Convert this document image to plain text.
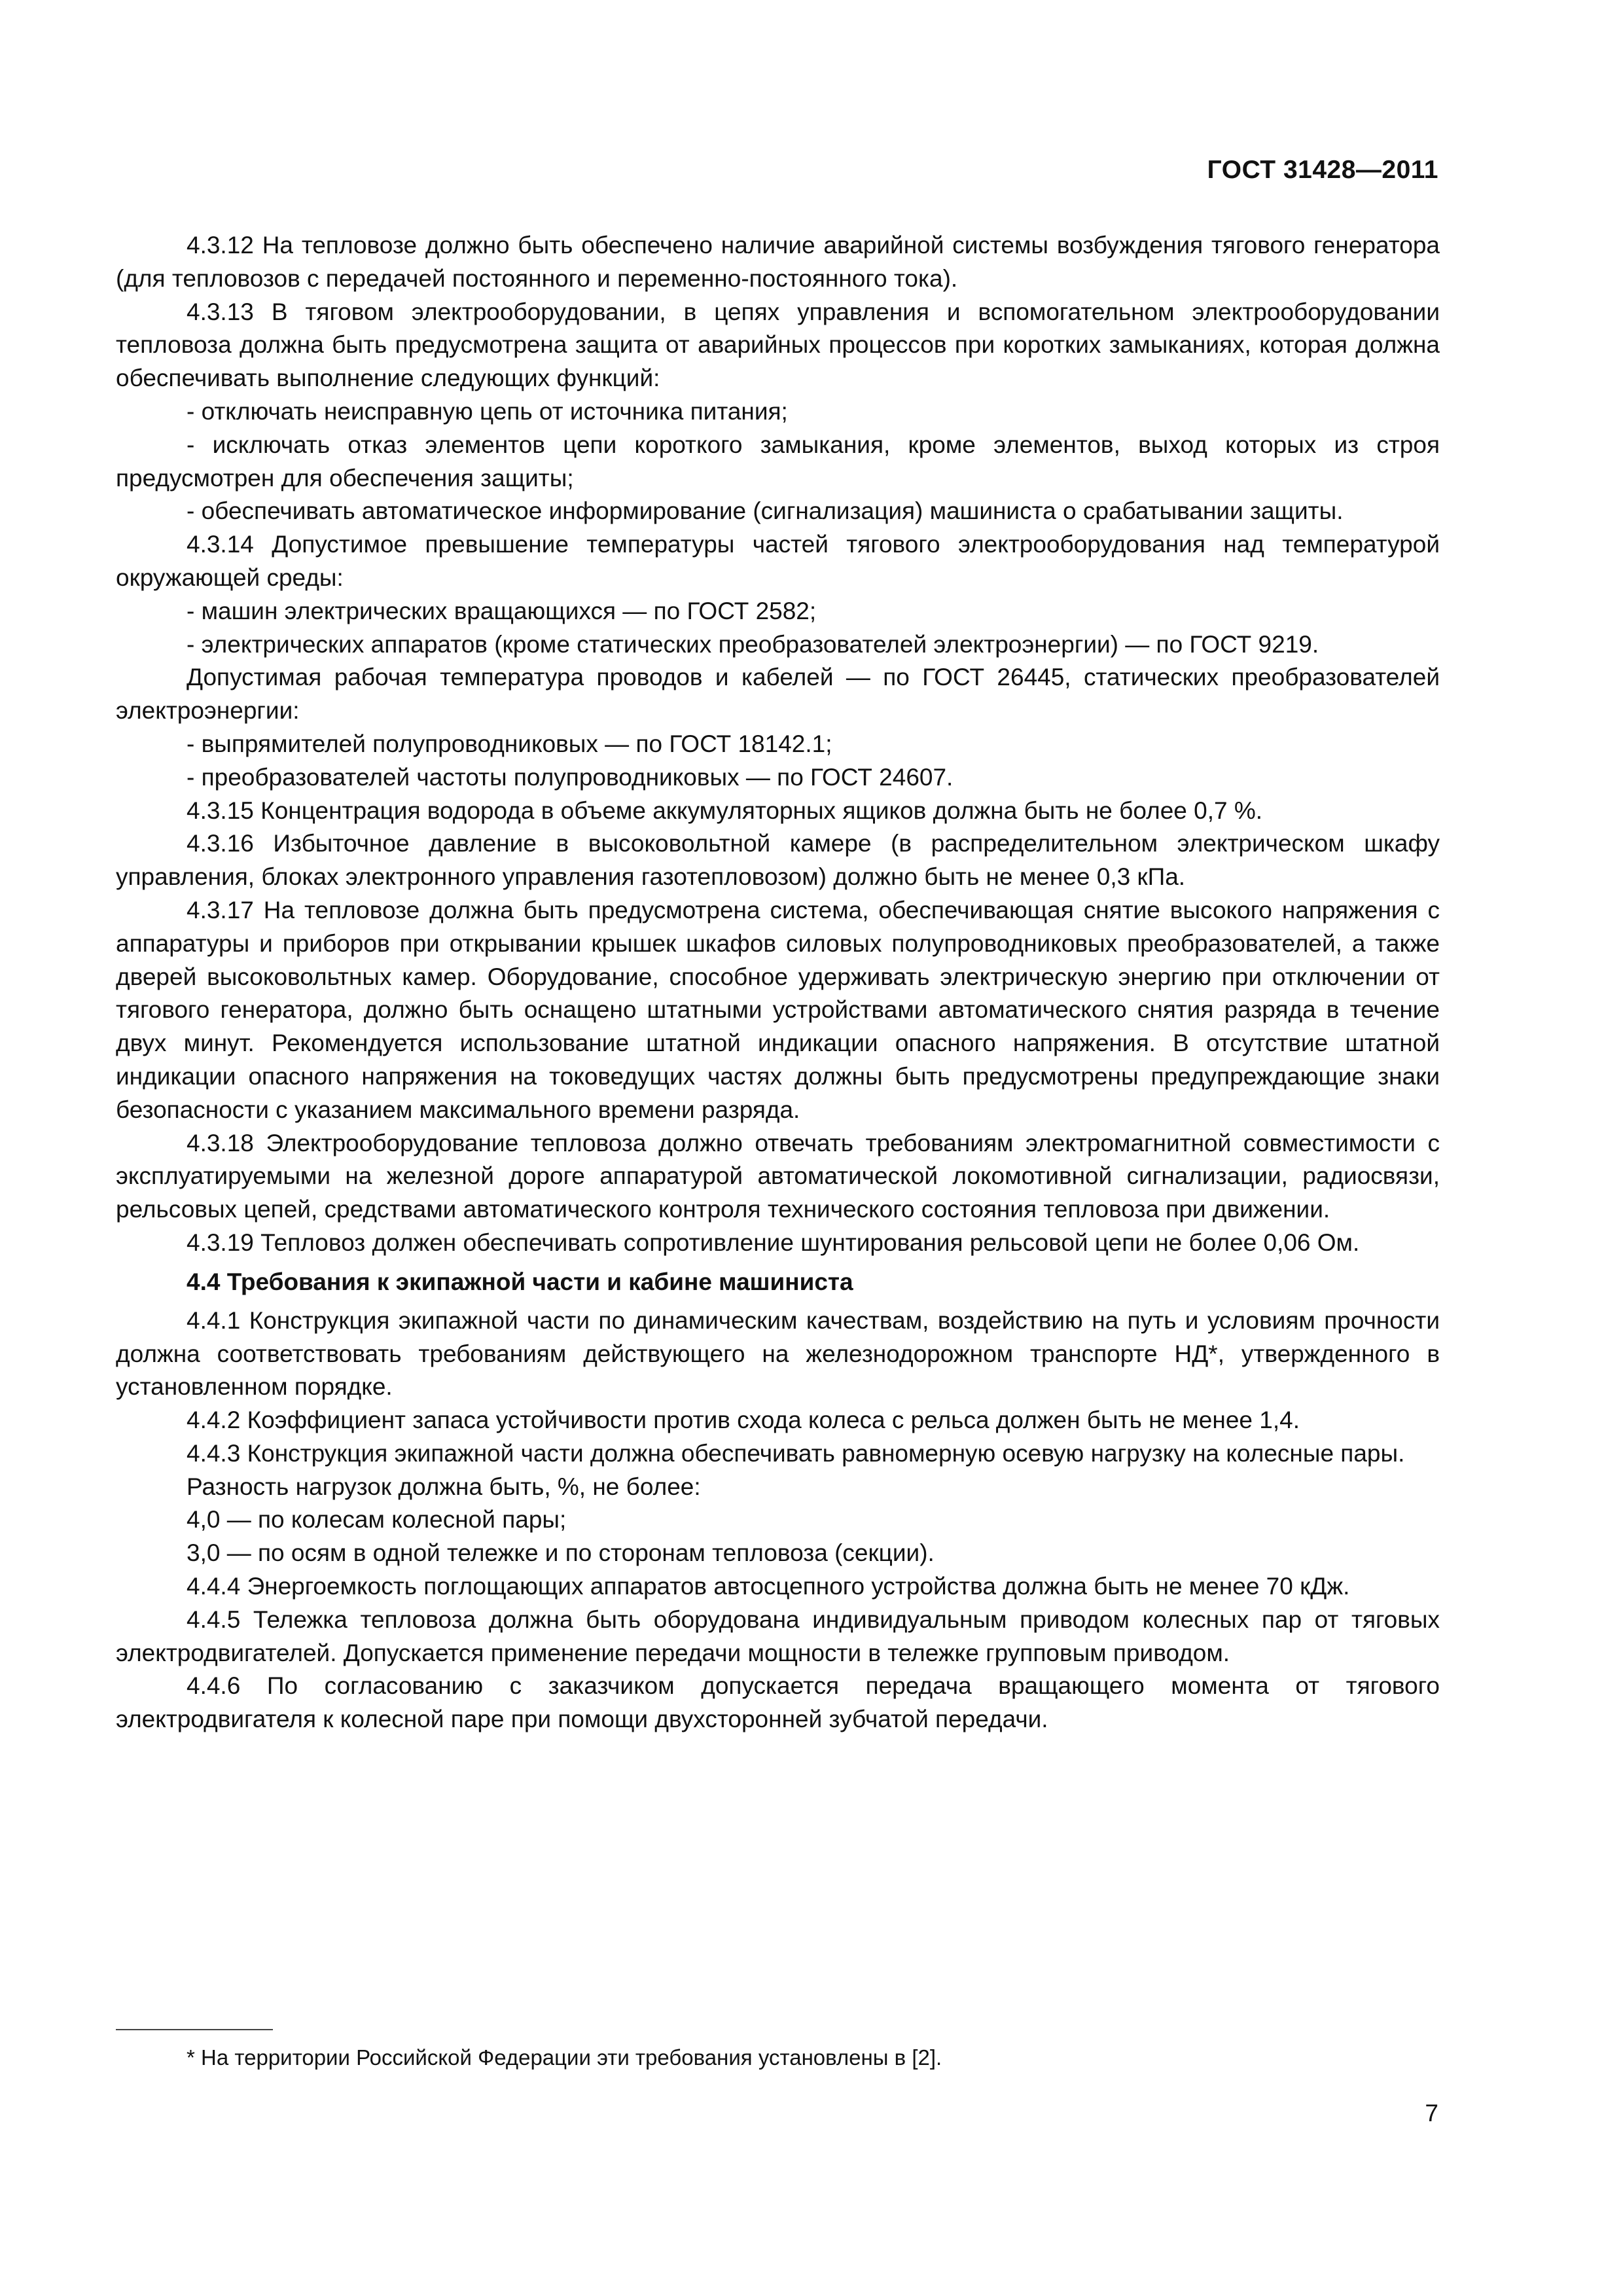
ГОСТ 31428—2011

4.3.12 На тепловозе должно быть обеспечено наличие аварийной системы возбуждения тягового генератора (для тепловозов с передачей постоянного и переменно-постоянного тока).

4.3.13 В тяговом электрооборудовании, в цепях управления и вспомогательном электрооборудовании тепловоза должна быть предусмотрена защита от аварийных процессов при коротких замыканиях, которая должна обеспечивать выполнение следующих функций:

- отключать неисправную цепь от источника питания;

- исключать отказ элементов цепи короткого замыкания, кроме элементов, выход которых из строя предусмотрен для обеспечения защиты;

- обеспечивать автоматическое информирование (сигнализация) машиниста о срабатывании защиты.

4.3.14 Допустимое превышение температуры частей тягового электрооборудования над температурой окружающей среды:

- машин электрических вращающихся — по ГОСТ 2582;

- электрических аппаратов (кроме статических преобразователей электроэнергии) — по ГОСТ 9219.

Допустимая рабочая температура проводов и кабелей — по ГОСТ 26445, статических преобразователей электроэнергии:

- выпрямителей полупроводниковых — по ГОСТ 18142.1;

- преобразователей частоты полупроводниковых — по ГОСТ 24607.

4.3.15 Концентрация водорода в объеме аккумуляторных ящиков должна быть не более 0,7 %.

4.3.16 Избыточное давление в высоковольтной камере (в распределительном электрическом шкафу управления, блоках электронного управления газотепловозом) должно быть не менее 0,3 кПа.

4.3.17 На тепловозе должна быть предусмотрена система, обеспечивающая снятие высокого напряжения с аппаратуры и приборов при открывании крышек шкафов силовых полупроводниковых преобразователей, а также дверей высоковольтных камер. Оборудование, способное удерживать электрическую энергию при отключении от тягового генератора, должно быть оснащено штатными устройствами автоматического снятия разряда в течение двух минут. Рекомендуется использование штатной индикации опасного напряжения. В отсутствие штатной индикации опасного напряжения на токоведущих частях должны быть предусмотрены предупреждающие знаки безопасности с указанием максимального времени разряда.

4.3.18 Электрооборудование тепловоза должно отвечать требованиям электромагнитной совместимости с эксплуатируемыми на железной дороге аппаратурой автоматической локомотивной сигнализации, радиосвязи, рельсовых цепей, средствами автоматического контроля технического состояния тепловоза при движении.

4.3.19 Тепловоз должен обеспечивать сопротивление шунтирования рельсовой цепи не более 0,06 Ом.

4.4 Требования к экипажной части и кабине машиниста

4.4.1 Конструкция экипажной части по динамическим качествам, воздействию на путь и условиям прочности должна соответствовать требованиям действующего на железнодорожном транспорте НД*, утвержденного в установленном порядке.

4.4.2 Коэффициент запаса устойчивости против схода колеса с рельса должен быть не менее 1,4.

4.4.3 Конструкция экипажной части должна обеспечивать равномерную осевую нагрузку на колесные пары.

Разность нагрузок должна быть, %, не более:

4,0 — по колесам колесной пары;

3,0 — по осям в одной тележке и по сторонам тепловоза (секции).

4.4.4 Энергоемкость поглощающих аппаратов автосцепного устройства должна быть не менее 70 кДж.

4.4.5 Тележка тепловоза должна быть оборудована индивидуальным приводом колесных пар от тяговых электродвигателей. Допускается применение передачи мощности в тележке групповым приводом.

4.4.6 По согласованию с заказчиком допускается передача вращающего момента от тягового электродвигателя к колесной паре при помощи двухсторонней зубчатой передачи.

* На территории Российской Федерации эти требования установлены в [2].
7
